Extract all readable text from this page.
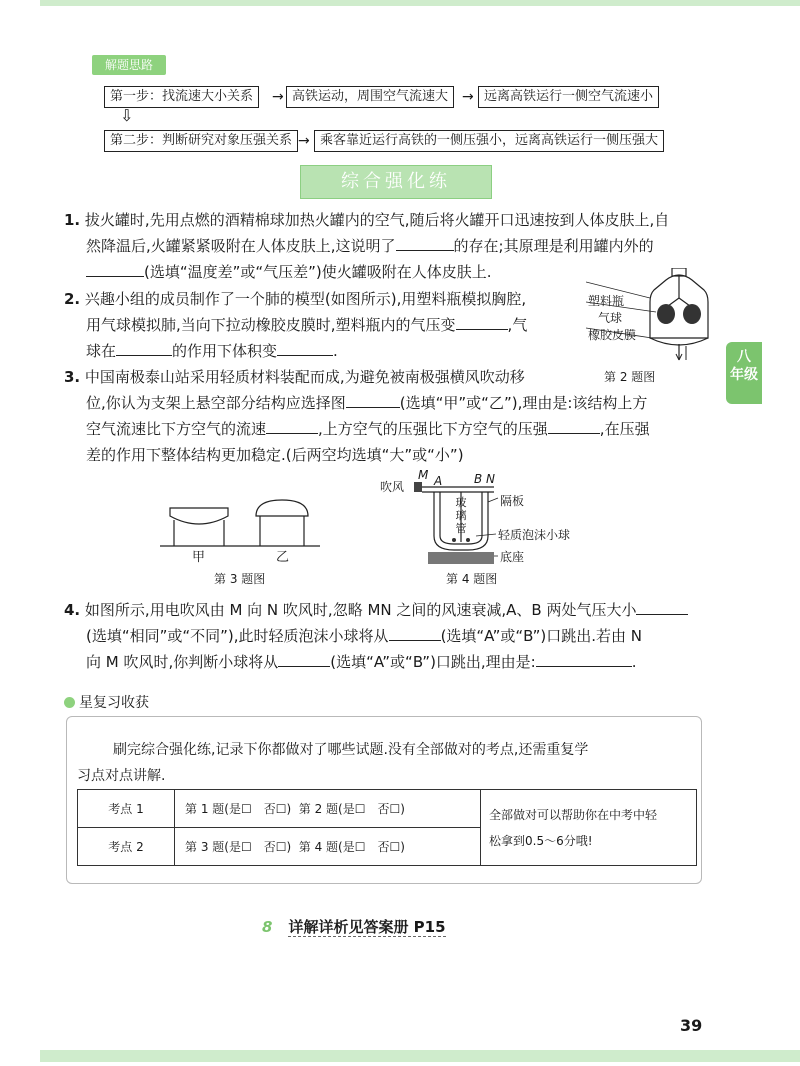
解题思路
第一步：找流速大小关系	→ 高铁运动，周围空气流速大 → 远离高铁运行一侧空气流速小
⇩
第二步：判断研究对象压强关系 → 乘客靠近运行高铁的一侧压强小，远离高铁运行一侧压强大
综合强化练
1. 拔火罐时,先用点燃的酒精棉球加热火罐内的空气,随后将火罐开口迅速按到人体皮肤上,自
然降温后,火罐紧紧吸附在人体皮肤上,这说明了	的存在;其原理是利用罐内外的
(选填“温度差”或“气压差”)使火罐吸附在人体皮肤上.
2. 兴趣小组的成员制作了一个肺的模型(如图所示),用塑料瓶模拟胸腔,
用气球模拟肺,当向下拉动橡胶皮膜时,塑料瓶内的气压变	,气
球在	的作用下体积变	.
塑料瓶
气球
橡胶皮膜
第 2 题图
八
年级
3. 中国南极泰山站采用轻质材料装配而成,为避免被南极强横风吹动移
位,你认为支架上悬空部分结构应选择图	(选填“甲”或“乙”),理由是:该结构上方
空气流速比下方空气的流速	,上方空气的压强比下方空气的压强	,在压强
差的作用下整体结构更加稳定.(后两空均选填“大”或“小”)
甲	乙
第 3 题图
吹风
M A	B N
玻
璃
管
隔板
轻质泡沫小球
底座
第 4 题图
4. 如图所示,用电吹风由 M 向 N 吹风时,忽略 MN 之间的风速衰减,A、B 两处气压大小
(选填“相同”或“不同”),此时轻质泡沫小球将从	(选填“A”或“B”)口跳出.若由 N
向 M 吹风时,你判断小球将从	(选填“A”或“B”)口跳出,理由是:	.
星复习收获
刷完综合强化练,记录下你都做对了哪些试题.没有全部做对的考点,还需重复学
习点对点讲解.
考点 1	第 1 题(是☐　否☐) 第 2 题(是☐　否☐)	全部做对可以帮助你在中考中轻
松拿到0.5～6分哦!

考点 2	第 3 题(是☐　否☐) 第 4 题(是☐　否☐)	
8 详解详析见答案册 P15
39
